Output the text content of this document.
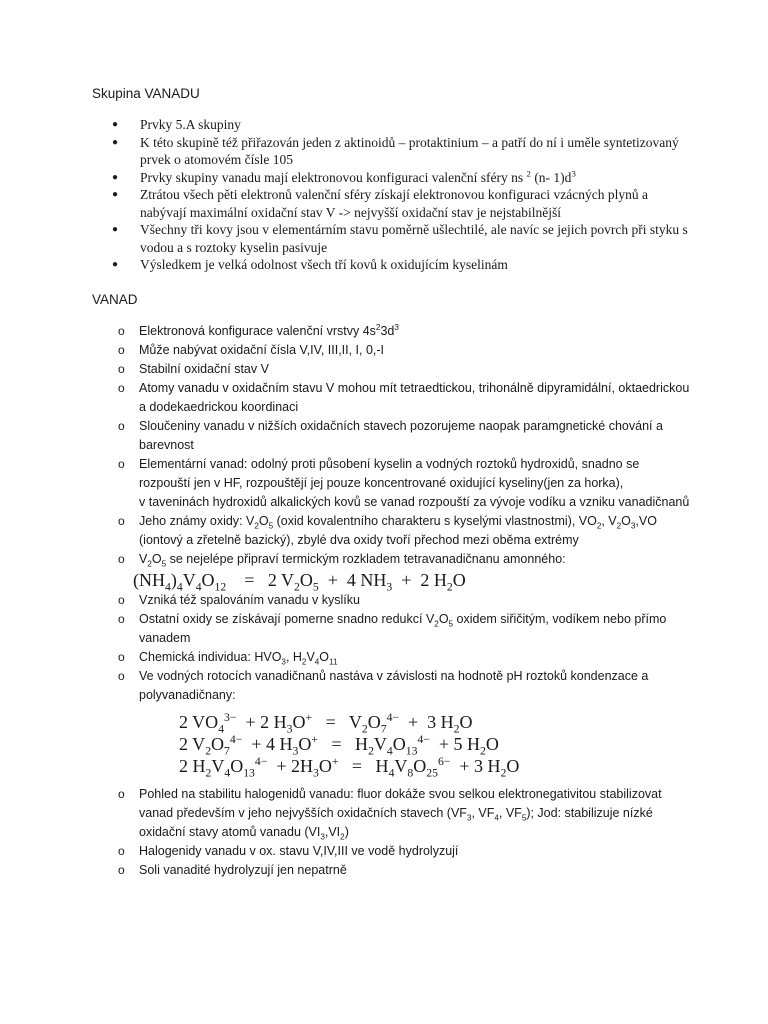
Skupina VANADU
● Prvky 5.A skupiny
● K této skupině též přiřazován jeden z aktinoidů – protaktinium – a patří do ní i uměle syntetizovaný prvek o atomovém čísle 105
● Prvky skupiny vanadu mají elektronovou konfiguraci valenční sféry ns $^2$ (n- $1)d^3$
● Ztrátou všech pěti elektronů valenční sféry získají elektronovou konfiguraci vzácných plynů a nabývají maximální oxidační stav V -> nejvyšší oxidační stav je nejstabilnější
● Všechny tři kovy jsou v elementárním stavu poměrně ušlechtilé, ale navíc se jejich povrch při styku s vodou a s roztoky kyselin pasivuje
● Výsledkem je velká odolnost všech tří kovů k oxidujícím kyselinám
VANAD
o Elektronová konfigurace valenční vrstvy $4s^23d^3$
o Může nabývat oxidační čísla V,IV, III,II, I, 0,-I
o Stabilní oxidační stav V
o Atomy vanadu v oxidačním stavu V mohou mít tetraedtickou, trihonálně dipyramidální, oktaedrickou a dodekaedrickou koordinaci
o Sloučeniny vanadu v nižších oxidačních stavech pozorujeme naopak paramgnetické chování a barevnost
o Elementární vanad: odolný proti působení kyselin a vodných roztoků hydroxidů, snadno se rozpouští jen v HF, rozpouštějí jej pouze koncentrované oxidující kyseliny(jen za horka),
v taveninách hydroxidů alkalických kovů se vanad rozpouští za vývoje vodíku a vzniku vanadičnanů
o Jeho známy oxidy: $V_2O_5$ (oxid kovalentního charakteru s kyselými vlastnostmi), $VO_2$, $V_2O_3,VO$ (iontový a zřetelně bazický), zbylé dva oxidy tvoří přechod mezi oběma extrémy
o $V_2O_5$ se nejelépe připraví termickým rozkladem tetravanadičnanu amonného:
$(NH_4)_4V_4O_{12}$    =   2 $V_2O_5 + 4$ $NH_3 + 2$ $H_2O$
o Vzniká též spalováním vanadu v kyslíku
o Ostatní oxidy se získávají pomerne snadno redukcí $V_2O_5$ oxidem siřičitým, vodíkem nebo přímo vanadem
o Chemická individua: $HVO_3$, $H_2V_4O_{11}$
o Ve vodných rotocích vanadičnanů nastáva v závislosti na hodnotě pH roztoků kondenzace a polyvanadičnany:
2 $VO_4^{3-} + 2$ $H_3O^+ = V_2O_7^{4-} + 3$ $H_2O$
2 $V_2O_7^{4-} + 4$ $H_3O^+ = H_2V_4O_{13}^{4-} + 5$ $H_2O$
2 $H_2V_4O_{13}^{4-} + 2H_3O^+ = H_4V_8O_{25}^{6-} + 3$ $H_2O$
o Pohled na stabilitu halogenidů vanadu: fluor dokáže svou selkou elektronegativitou stabilizovat vanad především v jeho nejvyšších oxidačních stavech ($VF_3$, $VF_4$, $VF_5$); Jod: stabilizuje nízké oxidační stavy atomů vanadu $(VI_3,VI_2)$
o Halogenidy vanadu v ox. stavu V,IV,III ve vodě hydrolyzují
o Soli vanadité hydrolyzují jen nepatrně
